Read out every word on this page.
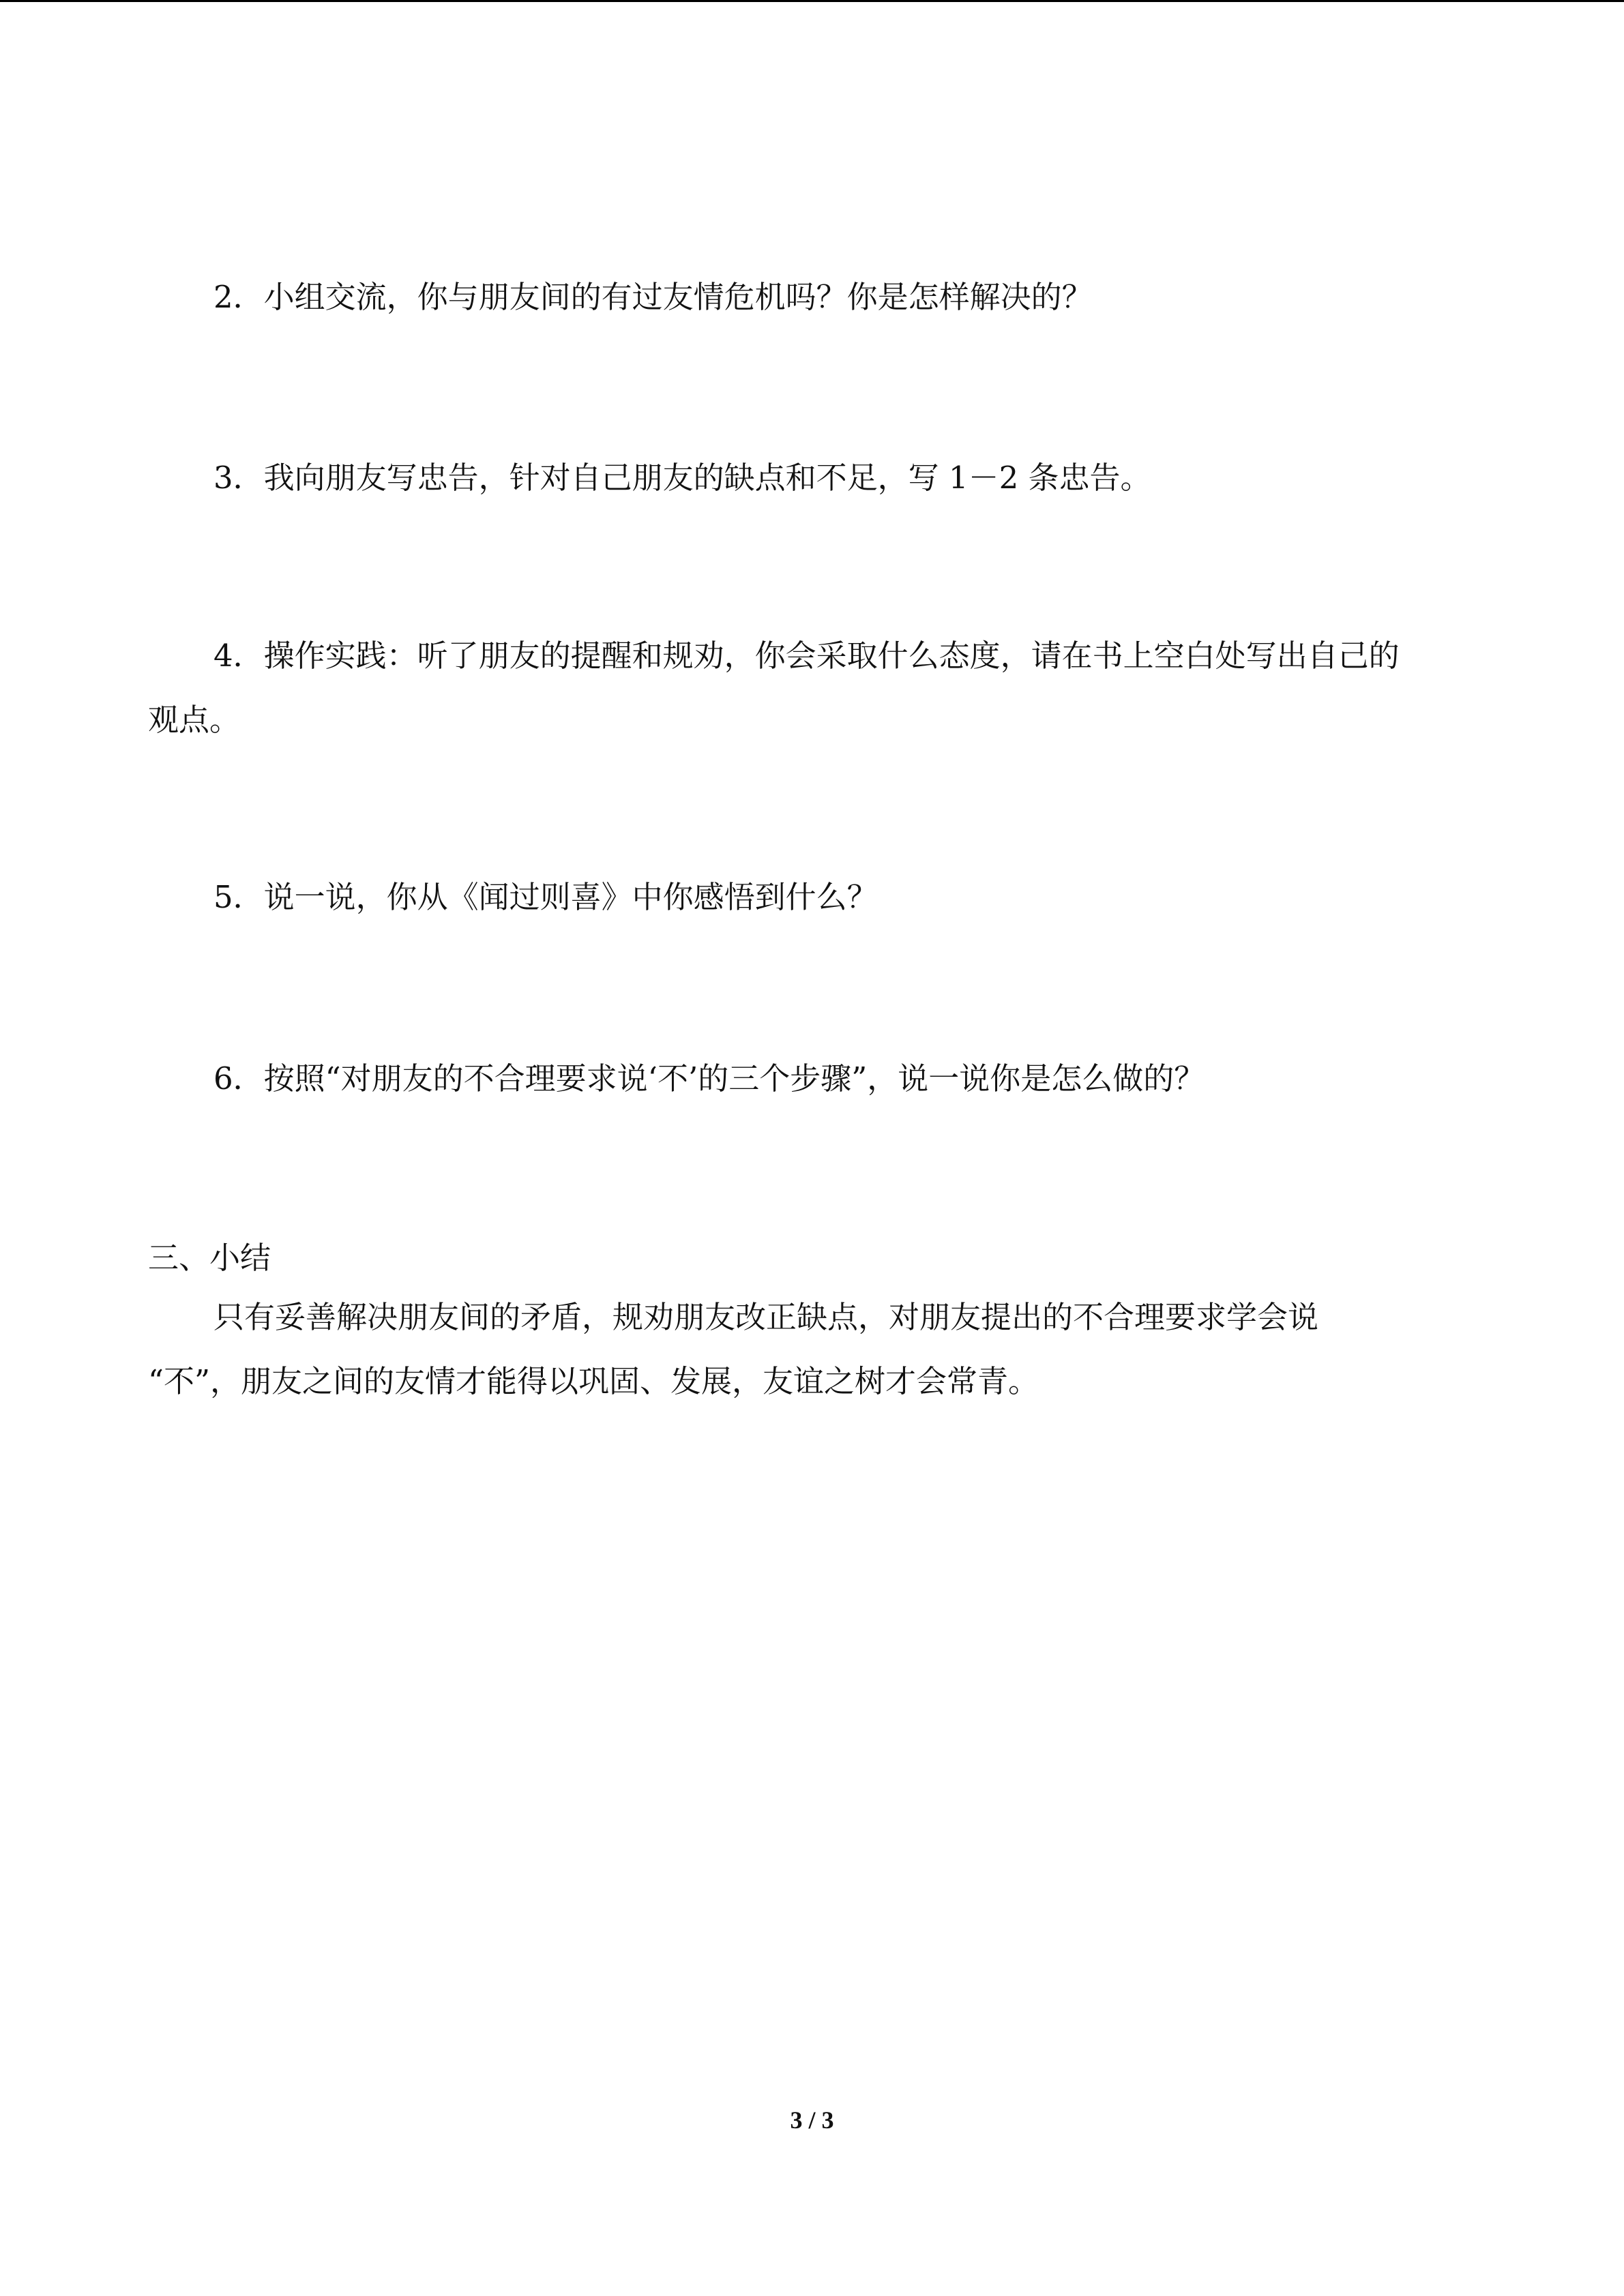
2．小组交流，你与朋友间的有过友情危机吗？你是怎样解决的？

3．我向朋友写忠告，针对自己朋友的缺点和不足，写 1－2 条忠告。

4．操作实践：听了朋友的提醒和规劝，你会采取什么态度，请在书上空白处写出自己的

观点。

5．说一说，你从《闻过则喜》中你感悟到什么？

6．按照“对朋友的不合理要求说‘不’的三个步骤”，说一说你是怎么做的？

三、小结

只有妥善解决朋友间的矛盾，规劝朋友改正缺点，对朋友提出的不合理要求学会说

“不”，朋友之间的友情才能得以巩固、发展，友谊之树才会常青。

3 / 3
